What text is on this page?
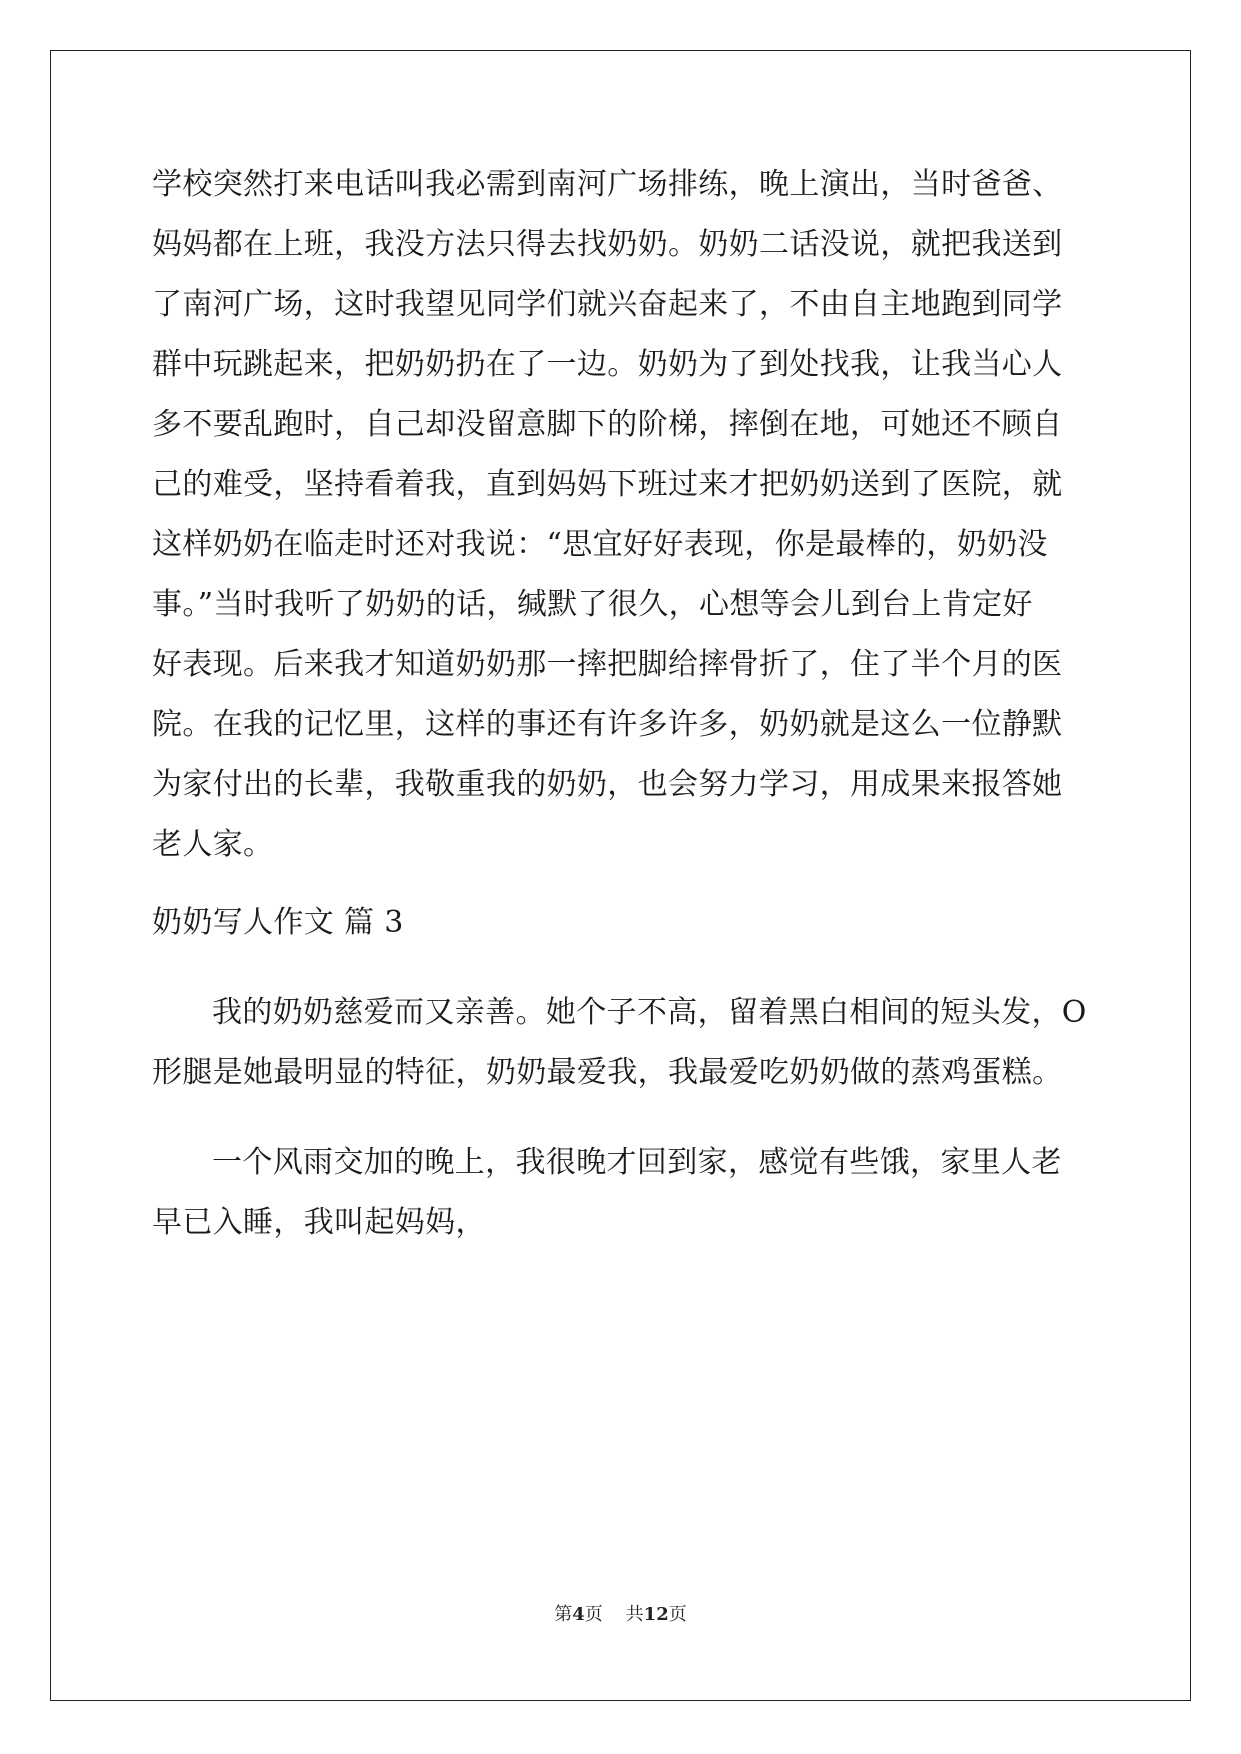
学校突然打来电话叫我必需到南河广场排练，晚上演出，当时爸爸、
妈妈都在上班，我没方法只得去找奶奶。奶奶二话没说，就把我送到
了南河广场，这时我望见同学们就兴奋起来了，不由自主地跑到同学
群中玩跳起来，把奶奶扔在了一边。奶奶为了到处找我，让我当心人
多不要乱跑时，自己却没留意脚下的阶梯，摔倒在地，可她还不顾自
己的难受，坚持看着我，直到妈妈下班过来才把奶奶送到了医院，就
这样奶奶在临走时还对我说：“思宜好好表现，你是最棒的，奶奶没
事。”当时我听了奶奶的话，缄默了很久，心想等会儿到台上肯定好
好表现。后来我才知道奶奶那一摔把脚给摔骨折了，住了半个月的医
院。在我的记忆里，这样的事还有许多许多，奶奶就是这么一位静默
为家付出的长辈，我敬重我的奶奶，也会努力学习，用成果来报答她
老人家。
奶奶写人作文 篇 3
我的奶奶慈爱而又亲善。她个子不高，留着黑白相间的短头发，O
形腿是她最明显的特征，奶奶最爱我，我最爱吃奶奶做的蒸鸡蛋糕。
一个风雨交加的晚上，我很晚才回到家，感觉有些饿，家里人老
早已入睡，我叫起妈妈，
第4页    共12页
